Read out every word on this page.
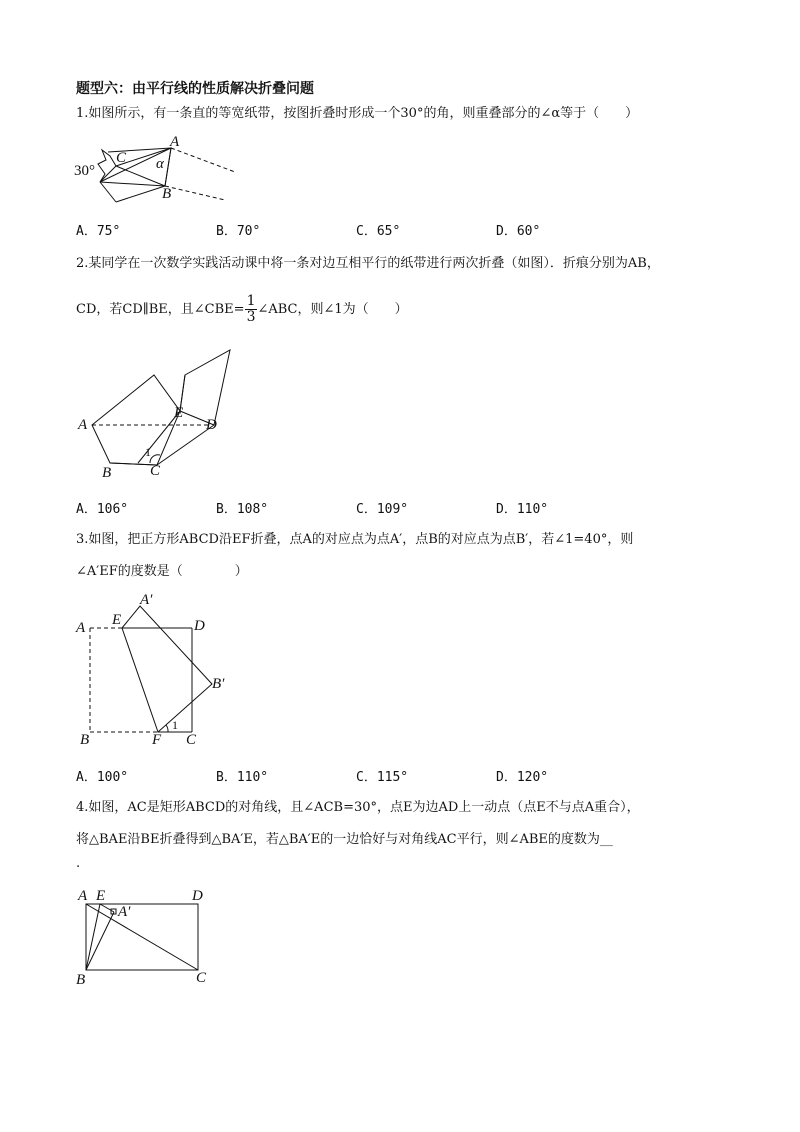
题型六：由平行线的性质解决折叠问题
1.如图所示，有一条直的等宽纸带，按图折叠时形成一个30°的角，则重叠部分的∠α等于（　　）
A
B
C α
30°
A．75°	B．70°	C．65°	D．60°
2.某同学在一次数学实践活动课中将一条对边互相平行的纸带进行两次折叠（如图）．折痕分别为AB，
CD，若CD∥BE，且∠CBE= $\frac{1}{3}$ ∠ABC，则∠1为（　　）
A
B	C
D
E
1
A．106°	B．108°	C．109°	D．110°
3.如图，把正方形ABCD沿EF折叠，点A的对应点为点A′，点B的对应点为点B′，若∠1=40°，则
∠A′EF的度数是（　　　　）
A
A′
B
B′
C
D
E
F
1
A．100°	B．110°	C．115°	D．120°
4.如图，AC是矩形ABCD的对角线，且∠ACB=30°，点E为边AD上一动点（点E不与点A重合），
将△BAE沿BE折叠得到△BA′E，若△BA′E的一边恰好与对角线AC平行，则∠ABE的度数为__
.
A E
A′
D
B	C
